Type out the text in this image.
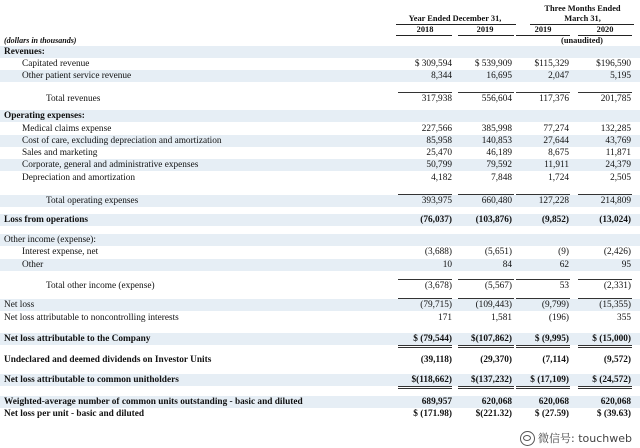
Year Ended December 31,
Three Months Ended
March 31,
2018	2019	2019	2020
(unaudited)
(dollars in thousands)
Revenues:
Capitated revenue	$ 309,594	$ 539,909	$115,329	$196,590
Other patient service revenue	8,344	16,695	2,047	5,195
Total revenues	317,938	556,604	117,376	201,785
Operating expenses:
Medical claims expense	227,566	385,998	77,274	132,285
Cost of care, excluding depreciation and amortization	85,958	140,853	27,644	43,769
Sales and marketing	25,470	46,189	8,675	11,871
Corporate, general and administrative expenses	50,799	79,592	11,911	24,379
Depreciation and amortization	4,182	7,848	1,724	2,505
Total operating expenses	393,975	660,480	127,228	214,809
Loss from operations	(76,037)	(103,876)	(9,852)	(13,024)
Other income (expense):
Interest expense, net	(3,688)	(5,651)	(9)	(2,426)
Other	10	84	62	95
Total other income (expense)	(3,678)	(5,567)	53	(2,331)
Net loss	(79,715)	(109,443)	(9,799)	(15,355)
Net loss attributable to noncontrolling interests	171	1,581	(196)	355
Net loss attributable to the Company	$ (79,544)	$(107,862)	$ (9,995)	$ (15,000)
Undeclared and deemed dividends on Investor Units	(39,118)	(29,370)	(7,114)	(9,572)
Net loss attributable to common unitholders	$(118,662)	$(137,232)	$ (17,109)	$ (24,572)
Weighted-average number of common units outstanding - basic and diluted	689,957	620,068	620,068	620,068
Net loss per unit - basic and diluted	$ (171.98)	$(221.32)	$ (27.59)	$ (39.63)
微信号: touchweb
